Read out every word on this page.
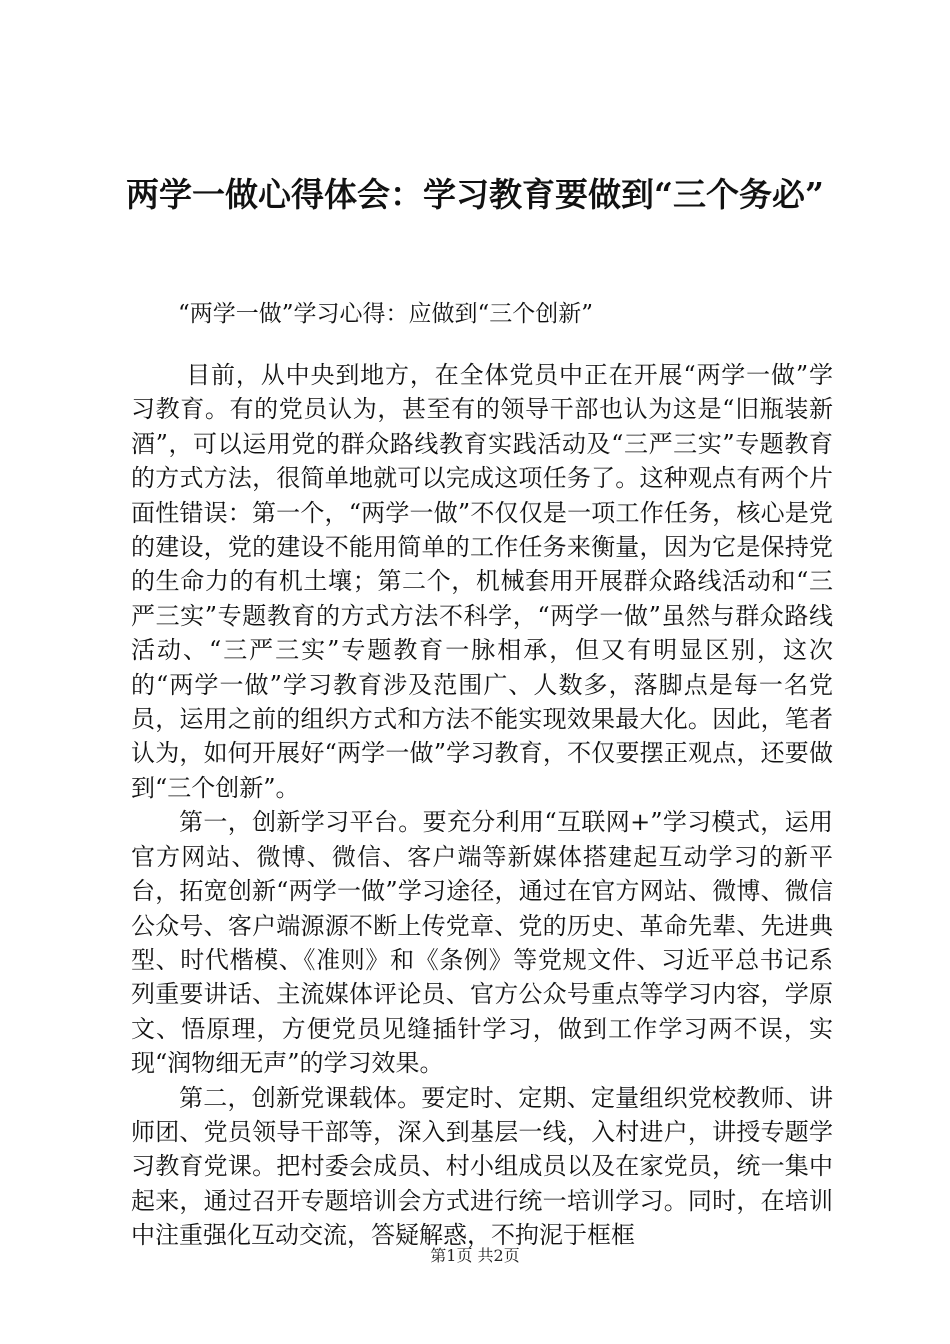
两学一做心得体会：学习教育要做到“三个务必”
“两学一做”学习心得：应做到“三个创新”

目前，从中央到地方，在全体党员中正在开展“两学一做”学习教育。有的党员认为，甚至有的领导干部也认为这是“旧瓶装新酒”，可以运用党的群众路线教育实践活动及“三严三实”专题教育的方式方法，很简单地就可以完成这项任务了。这种观点有两个片面性错误：第一个，“两学一做”不仅仅是一项工作任务，核心是党的建设，党的建设不能用简单的工作任务来衡量，因为它是保持党的生命力的有机土壤；第二个，机械套用开展群众路线活动和“三严三实”专题教育的方式方法不科学，“两学一做”虽然与群众路线活动、“三严三实”专题教育一脉相承，但又有明显区别，这次的“两学一做”学习教育涉及范围广、人数多，落脚点是每一名党员，运用之前的组织方式和方法不能实现效果最大化。因此，笔者认为，如何开展好“两学一做”学习教育，不仅要摆正观点，还要做到“三个创新”。

第一，创新学习平台。要充分利用“互联网+”学习模式，运用官方网站、微博、微信、客户端等新媒体搭建起互动学习的新平台，拓宽创新“两学一做”学习途径，通过在官方网站、微博、微信公众号、客户端源源不断上传党章、党的历史、革命先辈、先进典型、时代楷模、《准则》和《条例》等党规文件、习近平总书记系列重要讲话、主流媒体评论员、官方公众号重点等学习内容，学原文、悟原理，方便党员见缝插针学习，做到工作学习两不误，实现“润物细无声”的学习效果。

第二，创新党课载体。要定时、定期、定量组织党校教师、讲师团、党员领导干部等，深入到基层一线，入村进户，讲授专题学习教育党课。把村委会成员、村小组成员以及在家党员，统一集中起来，通过召开专题培训会方式进行统一培训学习。同时，在培训中注重强化互动交流，答疑解惑，不拘泥于框框

第1页 共2页
